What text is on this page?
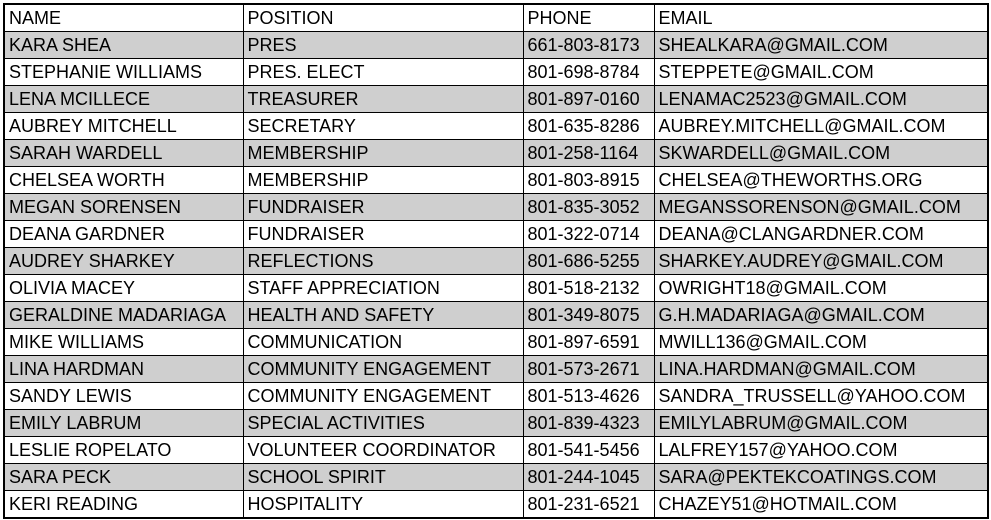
NAME	POSITION	PHONE	EMAIL
KARA SHEA	PRES	661-803-8173	SHEALKARA@GMAIL.COM
STEPHANIE WILLIAMS	PRES. ELECT	801-698-8784	STEPPETE@GMAIL.COM
LENA MCILLECE	TREASURER	801-897-0160	LENAMAC2523@GMAIL.COM
AUBREY MITCHELL	SECRETARY	801-635-8286	AUBREY.MITCHELL@GMAIL.COM
SARAH WARDELL	MEMBERSHIP	801-258-1164	SKWARDELL@GMAIL.COM
CHELSEA WORTH	MEMBERSHIP	801-803-8915	CHELSEA@THEWORTHS.ORG
MEGAN SORENSEN	FUNDRAISER	801-835-3052	MEGANSSORENSON@GMAIL.COM
DEANA GARDNER	FUNDRAISER	801-322-0714	DEANA@CLANGARDNER.COM
AUDREY SHARKEY	REFLECTIONS	801-686-5255	SHARKEY.AUDREY@GMAIL.COM
OLIVIA MACEY	STAFF APPRECIATION	801-518-2132	OWRIGHT18@GMAIL.COM
GERALDINE MADARIAGA	HEALTH AND SAFETY	801-349-8075	G.H.MADARIAGA@GMAIL.COM
MIKE WILLIAMS	COMMUNICATION	801-897-6591	MWILL136@GMAIL.COM
LINA HARDMAN	COMMUNITY ENGAGEMENT	801-573-2671	LINA.HARDMAN@GMAIL.COM
SANDY LEWIS	COMMUNITY ENGAGEMENT	801-513-4626	SANDRA_TRUSSELL@YAHOO.COM
EMILY LABRUM	SPECIAL ACTIVITIES	801-839-4323	EMILYLABRUM@GMAIL.COM
LESLIE ROPELATO	VOLUNTEER COORDINATOR	801-541-5456	LALFREY157@YAHOO.COM
SARA PECK	SCHOOL SPIRIT	801-244-1045	SARA@PEKTEKCOATINGS.COM
KERI READING	HOSPITALITY	801-231-6521	CHAZEY51@HOTMAIL.COM
